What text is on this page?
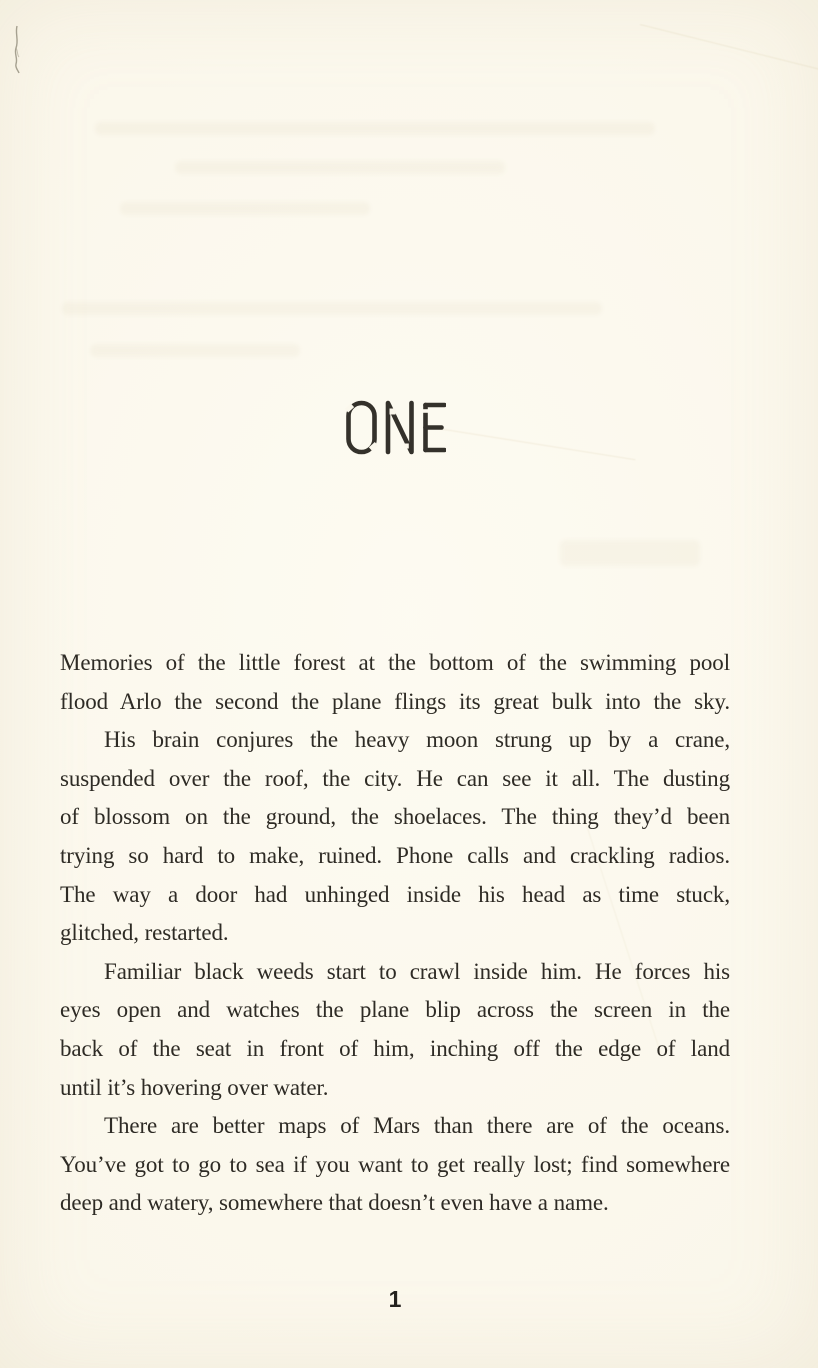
Memories of the little forest at the bottom of the swimming pool
flood Arlo the second the plane flings its great bulk into the sky.
His brain conjures the heavy moon strung up by a crane,
suspended over the roof, the city. He can see it all. The dusting
of blossom on the ground, the shoelaces. The thing they’d been
trying so hard to make, ruined. Phone calls and crackling radios.
The way a door had unhinged inside his head as time stuck,
glitched, restarted.
Familiar black weeds start to crawl inside him. He forces his
eyes open and watches the plane blip across the screen in the
back of the seat in front of him, inching off the edge of land
until it’s hovering over water.
There are better maps of Mars than there are of the oceans.
You’ve got to go to sea if you want to get really lost; find somewhere
deep and watery, somewhere that doesn’t even have a name.
1
